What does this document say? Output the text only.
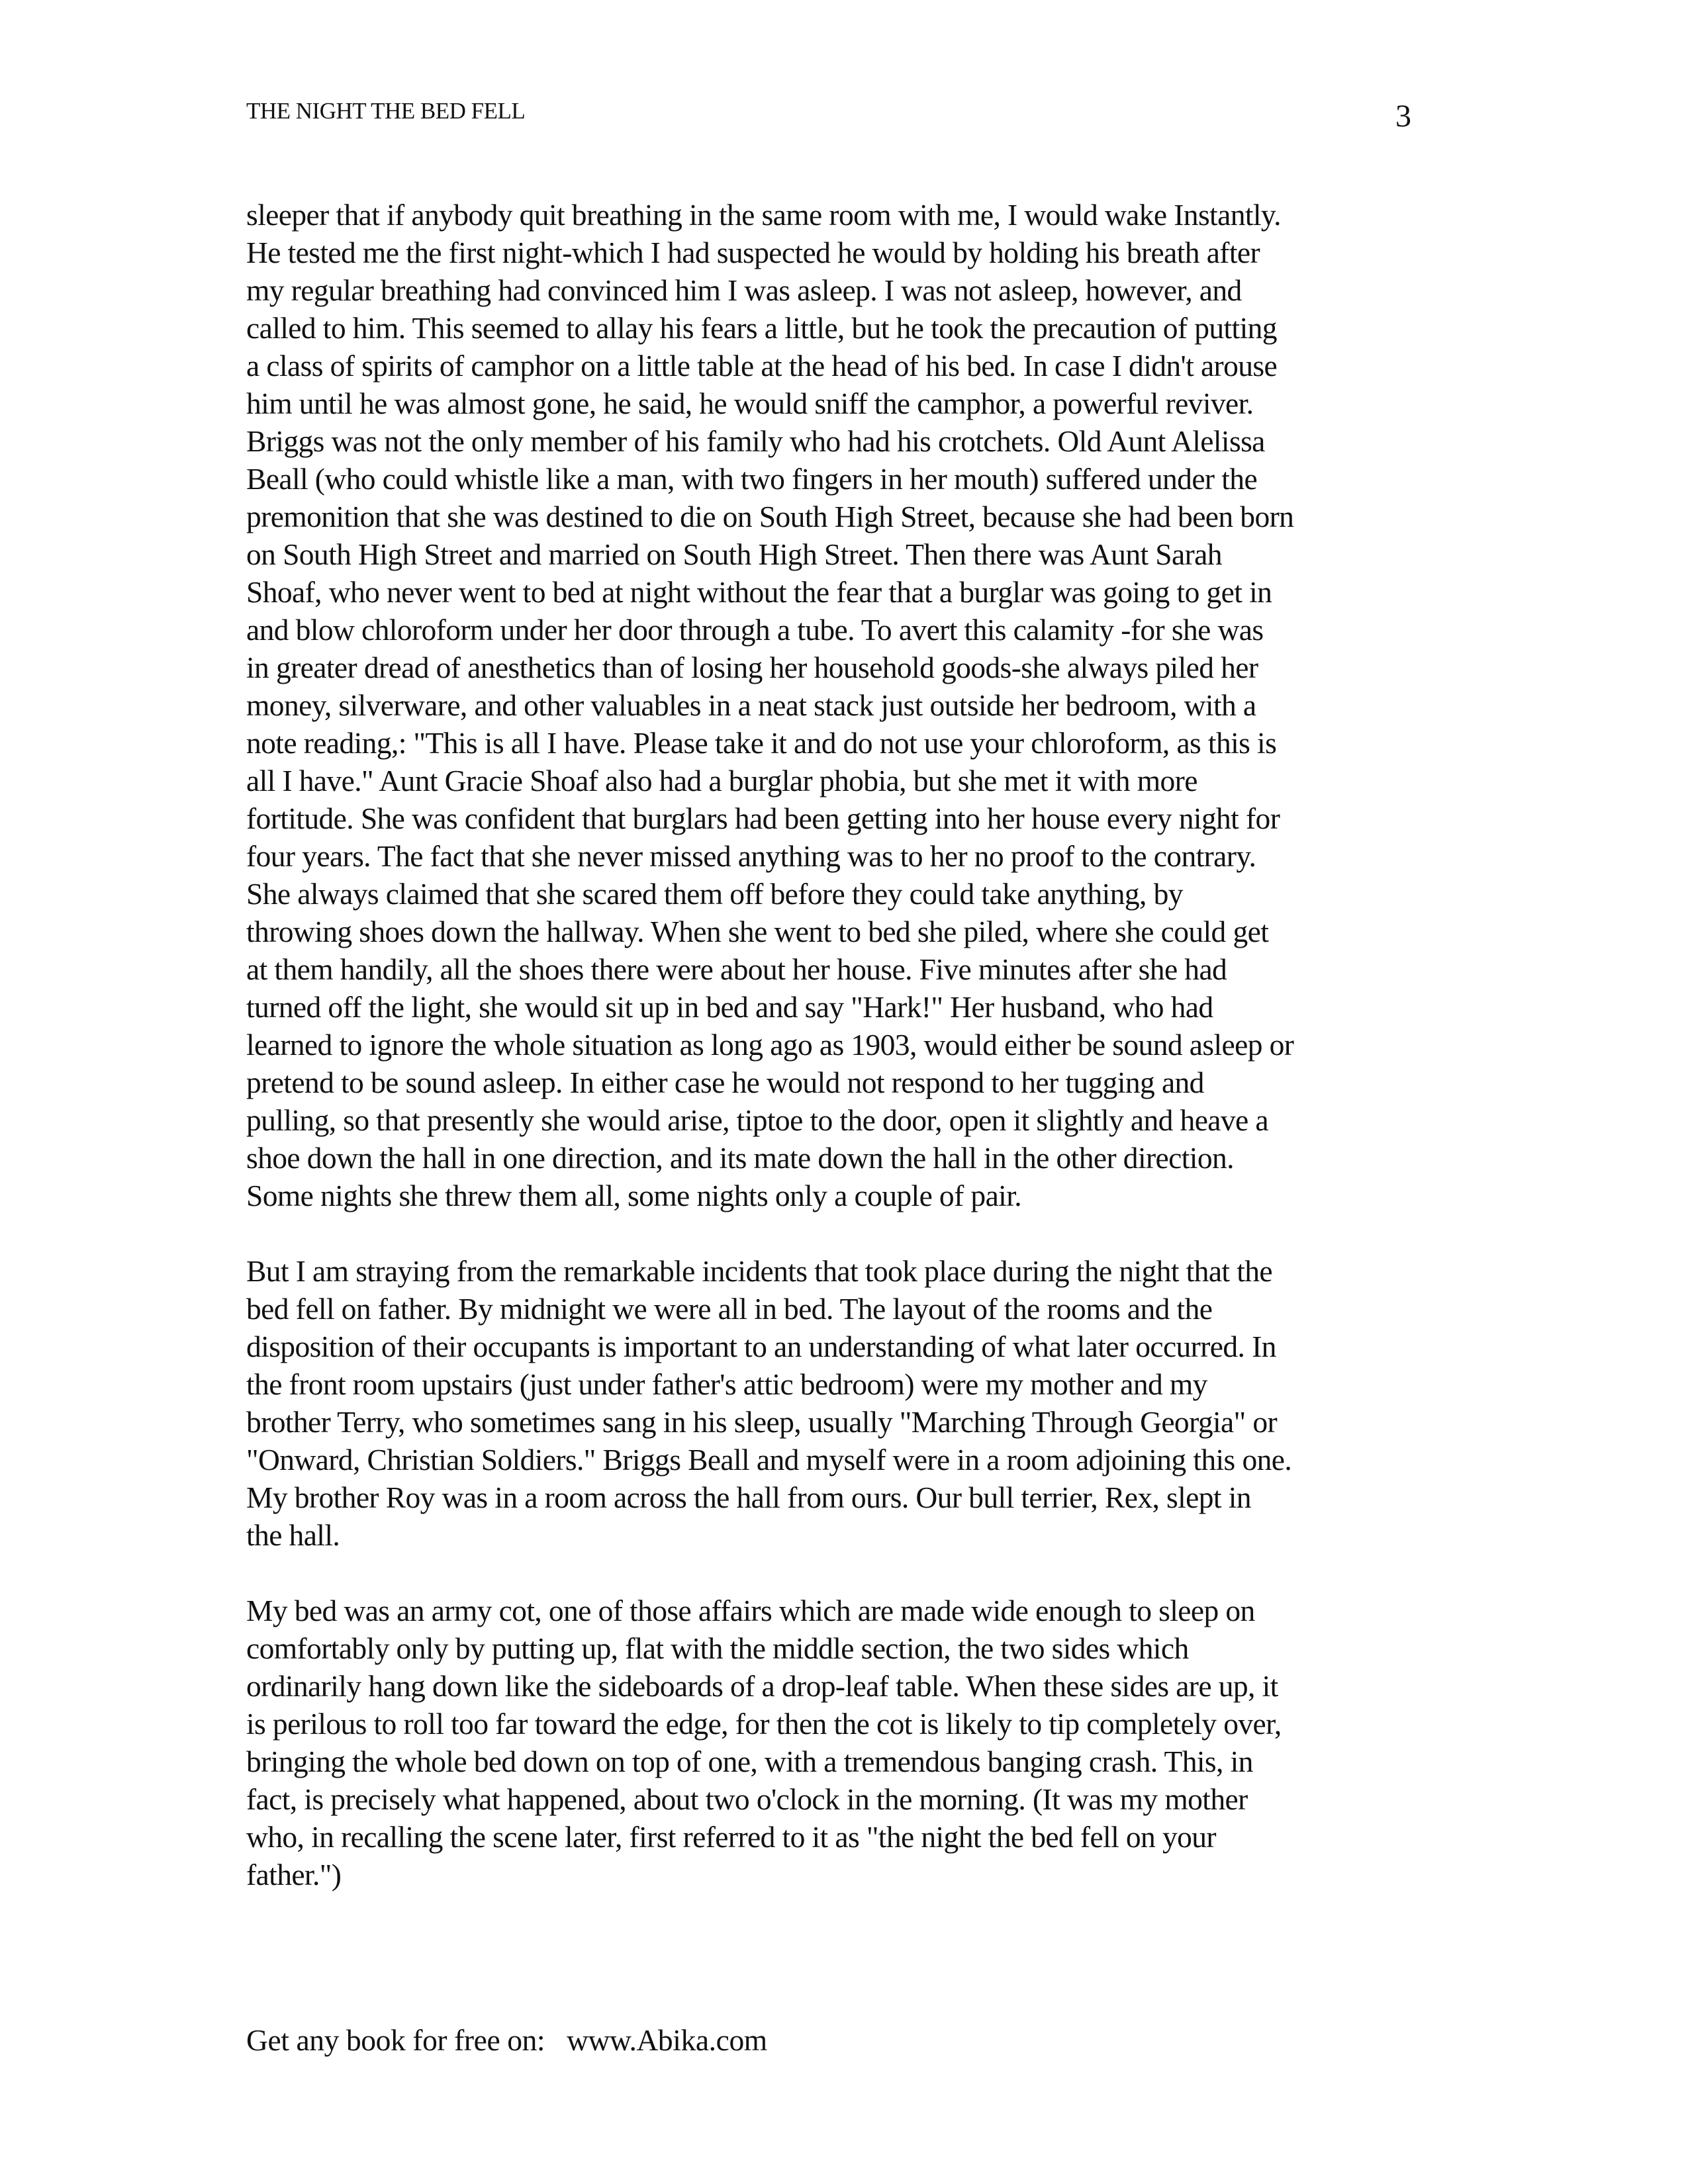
THE NIGHT THE BED FELL	3
sleeper that if anybody quit breathing in the same room with me, I would wake Instantly.
He tested me the first night-which I had suspected he would by holding his breath after
my regular breathing had convinced him I was asleep. I was not asleep, however, and
called to him. This seemed to allay his fears a little, but he took the precaution of putting
a class of spirits of camphor on a little table at the head of his bed. In case I didn't arouse
him until he was almost gone, he said, he would sniff the camphor, a powerful reviver.
Briggs was not the only member of his family who had his crotchets. Old Aunt Alelissa
Beall (who could whistle like a man, with two fingers in her mouth) suffered under the
premonition that she was destined to die on South High Street, because she had been born
on South High Street and married on South High Street. Then there was Aunt Sarah
Shoaf, who never went to bed at night without the fear that a burglar was going to get in
and blow chloroform under her door through a tube. To avert this calamity -for she was
in greater dread of anesthetics than of losing her household goods-she always piled her
money, silverware, and other valuables in a neat stack just outside her bedroom, with a
note reading,: "This is all I have. Please take it and do not use your chloroform, as this is
all I have." Aunt Gracie Shoaf also had a burglar phobia, but she met it with more
fortitude. She was confident that burglars had been getting into her house every night for
four years. The fact that she never missed anything was to her no proof to the contrary.
She always claimed that she scared them off before they could take anything, by
throwing shoes down the hallway. When she went to bed she piled, where she could get
at them handily, all the shoes there were about her house. Five minutes after she had
turned off the light, she would sit up in bed and say "Hark!" Her husband, who had
learned to ignore the whole situation as long ago as 1903, would either be sound asleep or
pretend to be sound asleep. In either case he would not respond to her tugging and
pulling, so that presently she would arise, tiptoe to the door, open it slightly and heave a
shoe down the hall in one direction, and its mate down the hall in the other direction.
Some nights she threw them all, some nights only a couple of pair.
But I am straying from the remarkable incidents that took place during the night that the
bed fell on father. By midnight we were all in bed. The layout of the rooms and the
disposition of their occupants is important to an understanding of what later occurred. In
the front room upstairs (just under father's attic bedroom) were my mother and my
brother Terry, who sometimes sang in his sleep, usually "Marching Through Georgia" or
"Onward, Christian Soldiers." Briggs Beall and myself were in a room adjoining this one.
My brother Roy was in a room across the hall from ours. Our bull terrier, Rex, slept in
the hall.
My bed was an army cot, one of those affairs which are made wide enough to sleep on
comfortably only by putting up, flat with the middle section, the two sides which
ordinarily hang down like the sideboards of a drop-leaf table. When these sides are up, it
is perilous to roll too far toward the edge, for then the cot is likely to tip completely over,
bringing the whole bed down on top of one, with a tremendous banging crash. This, in
fact, is precisely what happened, about two o'clock in the morning. (It was my mother
who, in recalling the scene later, first referred to it as "the night the bed fell on your
father.")
Get any book for free on:   www.Abika.com
